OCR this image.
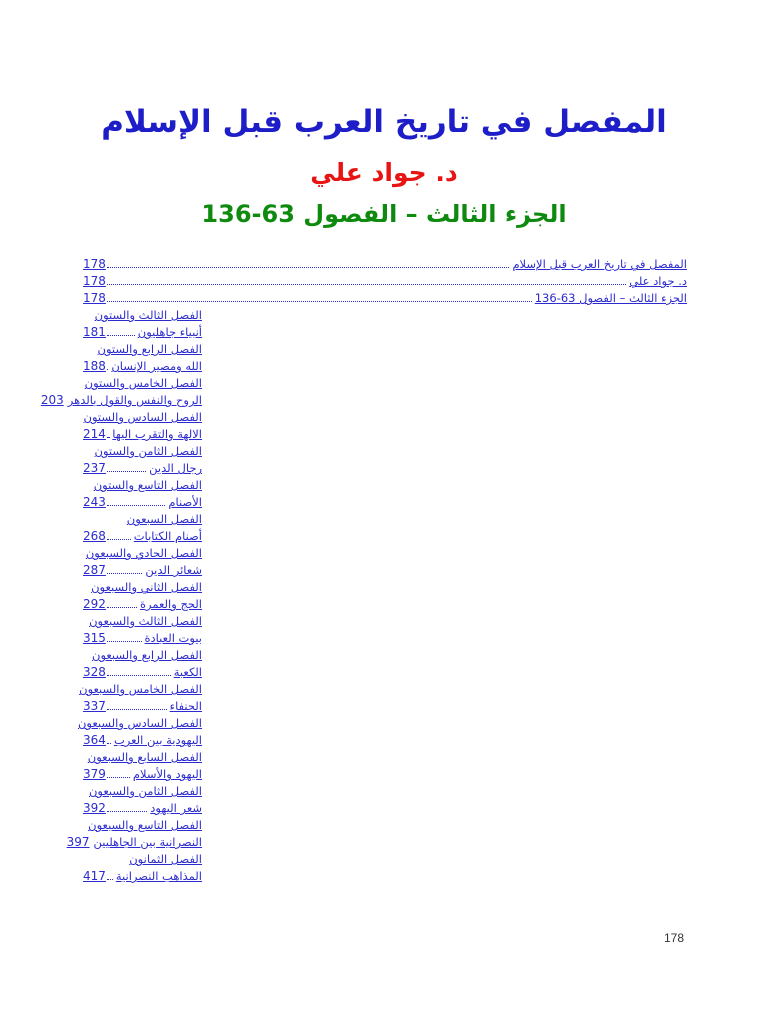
المفصل في تاريخ العرب قبل الإسلام
د. جواد علي
الجزء الثالث – الفصول 63-136
المفصل في تاريخ العرب قبل الإسلام
178
د. جواد علي
178
الجزء الثالث – الفصول 63-136
178
الفصل الثالث والستون
أنبياء جاهليون
181
الفصل الرابع والستون
الله ومصير الإنسان
188
الفصل الخامس والستون
الروح والنفس والقول بالدهر
203
الفصل السادس والستون
الالهة والتقرب اليها
214
الفصل الثامن والستون
رجال الدين
237
الفصل التاسع والستون
الأصنام
243
الفصل السبعون
أصنام الكتابات
268
الفصل الحادي والسبعون
شعائر الدين
287
الفصل الثاني والسبعون
الحج والعمرة
292
الفصل الثالث والسبعون
بيوت العبادة
315
الفصل الرابع والسبعون
الكعبة
328
الفصل الخامس والسبعون
الحنفاء
337
الفصل السادس والسبعون
اليهودية بين العرب
364
الفصل السابع والسبعون
اليهود والأسلام
379
الفصل الثامن والسبعون
شعر اليهود
392
الفصل التاسع والسبعون
النصرانية بين الجاهليين
397
الفصل الثمانون
المذاهب النصرانية
417
178
